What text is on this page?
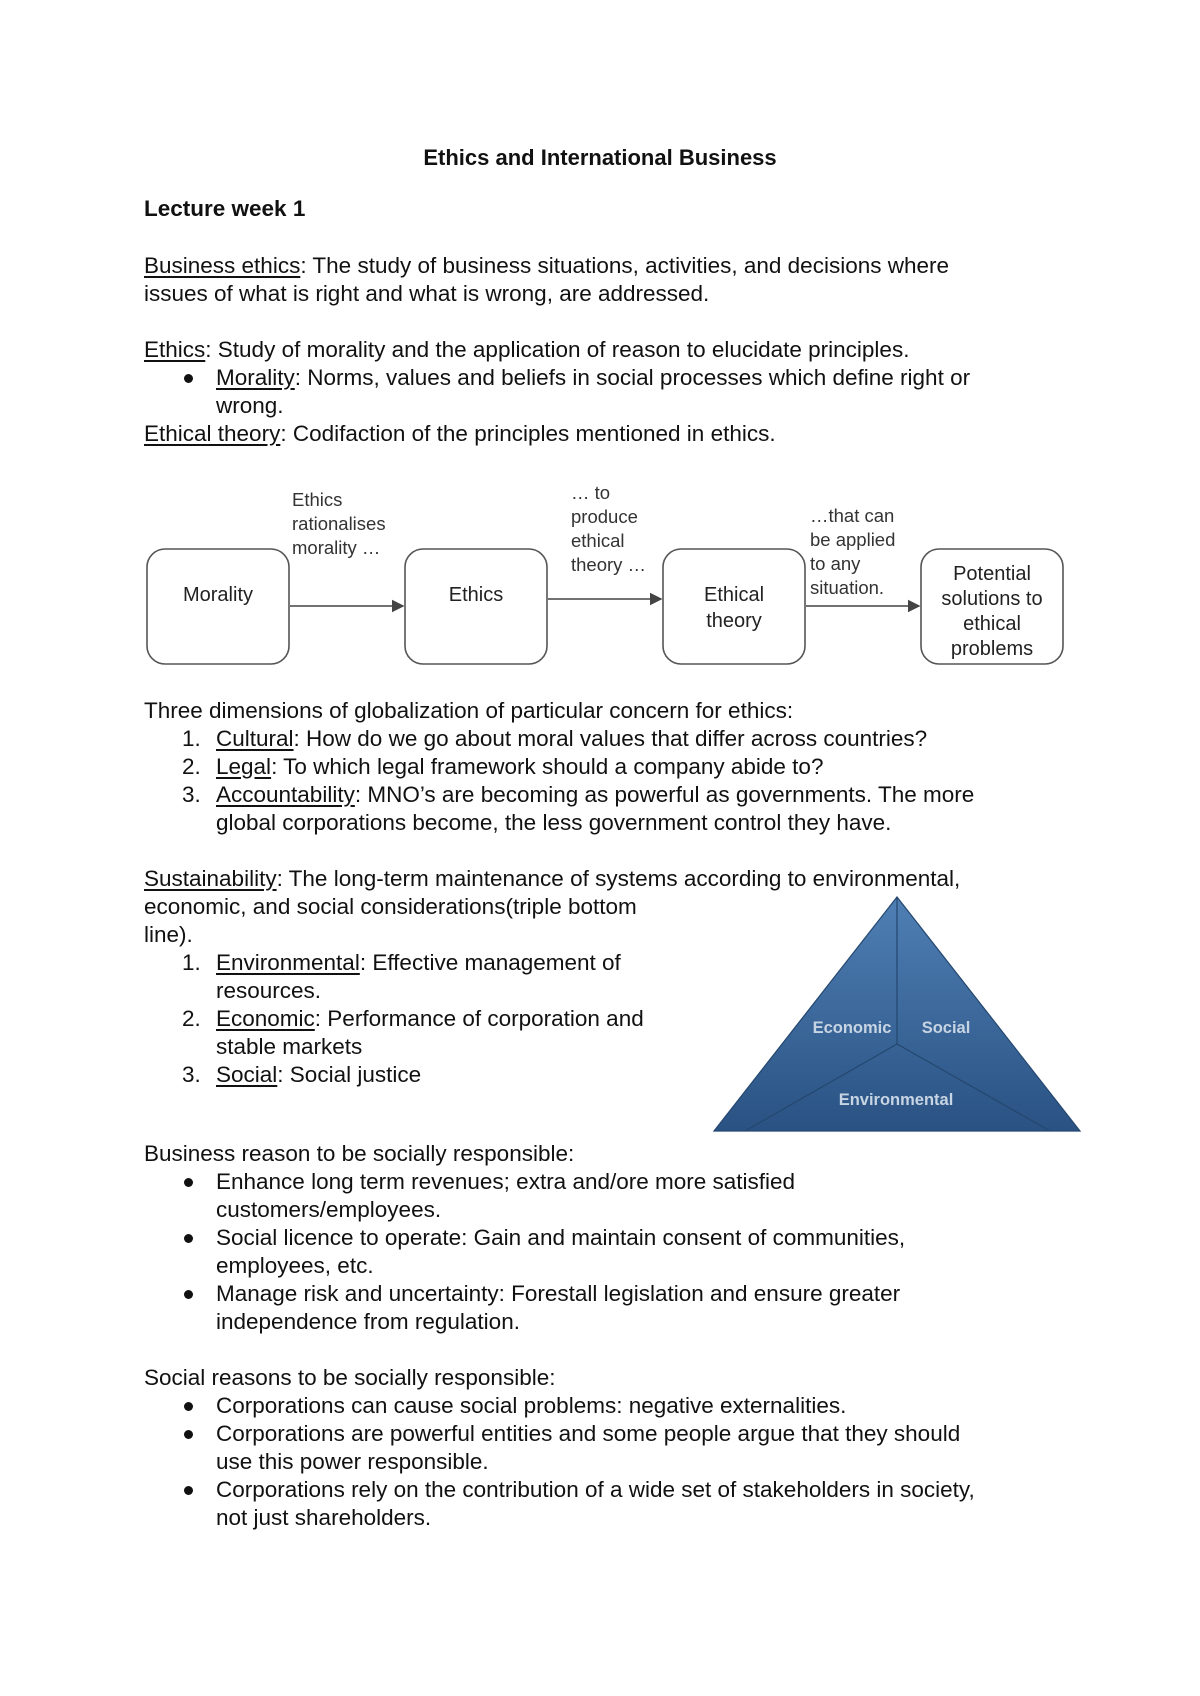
Ethics and International Business
Lecture week 1
Business ethics: The study of business situations, activities, and decisions where
issues of what is right and what is wrong, are addressed.
Ethics: Study of morality and the application of reason to elucidate principles.
Morality: Norms, values and beliefs in social processes which define right or
wrong.
Ethical theory: Codifaction of the principles mentioned in ethics.
Morality	Ethics	Ethical
theory
Potential
solutions to
ethical
problems
Ethics
rationalises
morality …
… to
produce
ethical
theory …
…that can
be applied
to any
situation.
Three dimensions of globalization of particular concern for ethics:
1. Cultural: How do we go about moral values that differ across countries?
2. Legal: To which legal framework should a company abide to?
3. Accountability: MNO’s are becoming as powerful as governments. The more
global corporations become, the less government control they have.
Sustainability: The long-term maintenance of systems according to environmental,
economic, and social considerations(triple bottom
line).
1. Environmental: Effective management of
resources.
2. Economic: Performance of corporation and
stable markets
3. Social: Social justice
Economic Social
Environmental
Business reason to be socially responsible:
Enhance long term revenues; extra and/ore more satisfied
customers/employees.
Social licence to operate: Gain and maintain consent of communities,
employees, etc.
Manage risk and uncertainty: Forestall legislation and ensure greater
independence from regulation.
Social reasons to be socially responsible:
Corporations can cause social problems: negative externalities.
Corporations are powerful entities and some people argue that they should
use this power responsible.
Corporations rely on the contribution of a wide set of stakeholders in society,
not just shareholders.
